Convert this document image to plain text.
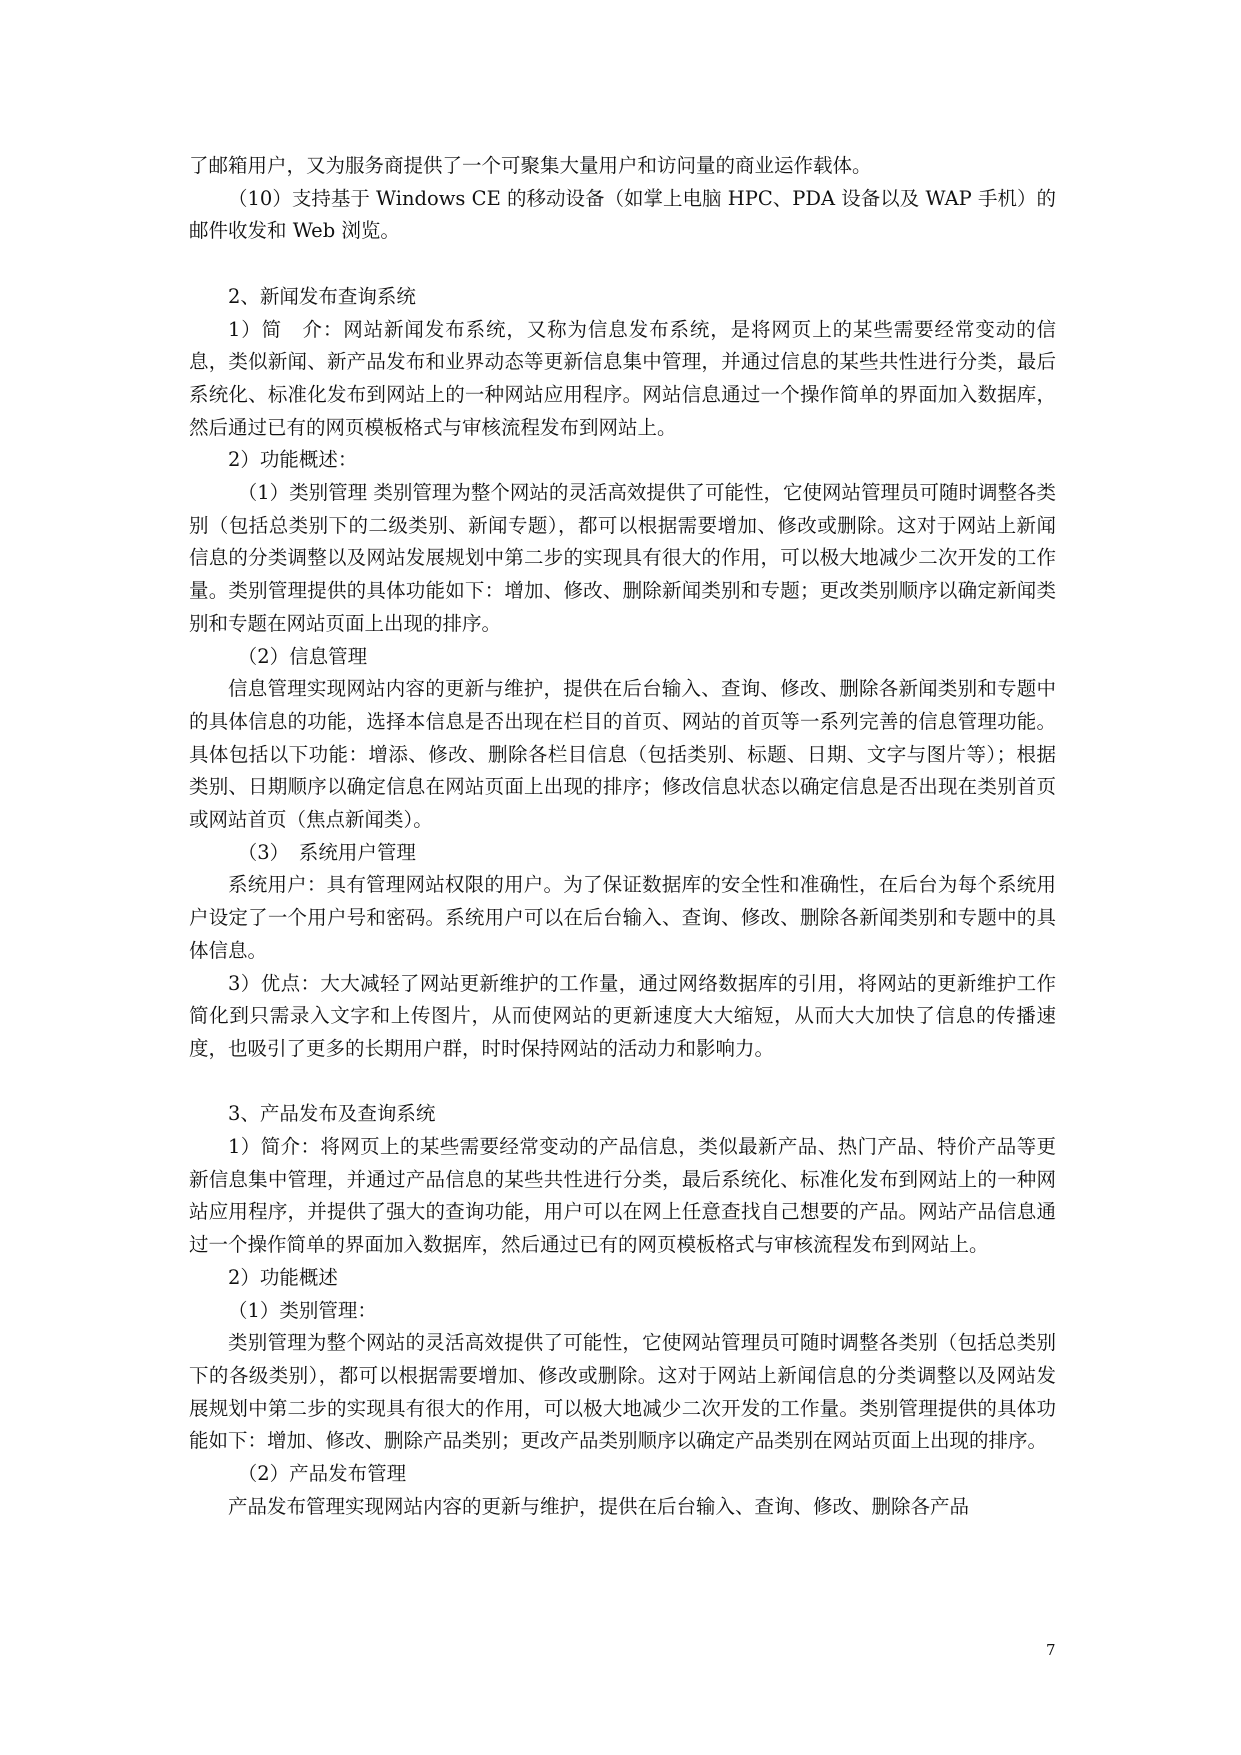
了邮箱用户，又为服务商提供了一个可聚集大量用户和访问量的商业运作载体。

（10）支持基于 Windows CE 的移动设备（如掌上电脑 HPC、PDA 设备以及 WAP 手机）的邮件收发和 Web 浏览。

2、新闻发布查询系统

1）简　介：网站新闻发布系统，又称为信息发布系统，是将网页上的某些需要经常变动的信息，类似新闻、新产品发布和业界动态等更新信息集中管理，并通过信息的某些共性进行分类，最后系统化、标准化发布到网站上的一种网站应用程序。网站信息通过一个操作简单的界面加入数据库，然后通过已有的网页模板格式与审核流程发布到网站上。

2）功能概述：

（1）类别管理 类别管理为整个网站的灵活高效提供了可能性，它使网站管理员可随时调整各类别（包括总类别下的二级类别、新闻专题），都可以根据需要增加、修改或删除。这对于网站上新闻信息的分类调整以及网站发展规划中第二步的实现具有很大的作用，可以极大地减少二次开发的工作量。类别管理提供的具体功能如下：增加、修改、删除新闻类别和专题；更改类别顺序以确定新闻类别和专题在网站页面上出现的排序。

（2）信息管理

信息管理实现网站内容的更新与维护，提供在后台输入、查询、修改、删除各新闻类别和专题中的具体信息的功能，选择本信息是否出现在栏目的首页、网站的首页等一系列完善的信息管理功能。具体包括以下功能：增添、修改、删除各栏目信息（包括类别、标题、日期、文字与图片等）；根据类别、日期顺序以确定信息在网站页面上出现的排序；修改信息状态以确定信息是否出现在类别首页或网站首页（焦点新闻类）。

（3）　系统用户管理

系统用户：具有管理网站权限的用户。为了保证数据库的安全性和准确性，在后台为每个系统用户设定了一个用户号和密码。系统用户可以在后台输入、查询、修改、删除各新闻类别和专题中的具体信息。

3）优点：大大减轻了网站更新维护的工作量，通过网络数据库的引用，将网站的更新维护工作简化到只需录入文字和上传图片，从而使网站的更新速度大大缩短，从而大大加快了信息的传播速度，也吸引了更多的长期用户群，时时保持网站的活动力和影响力。

3、产品发布及查询系统

1）简介：将网页上的某些需要经常变动的产品信息，类似最新产品、热门产品、特价产品等更新信息集中管理，并通过产品信息的某些共性进行分类，最后系统化、标准化发布到网站上的一种网站应用程序，并提供了强大的查询功能，用户可以在网上任意查找自己想要的产品。网站产品信息通过一个操作简单的界面加入数据库，然后通过已有的网页模板格式与审核流程发布到网站上。

2）功能概述

（1）类别管理：

类别管理为整个网站的灵活高效提供了可能性，它使网站管理员可随时调整各类别（包括总类别下的各级类别），都可以根据需要增加、修改或删除。这对于网站上新闻信息的分类调整以及网站发展规划中第二步的实现具有很大的作用，可以极大地减少二次开发的工作量。类别管理提供的具体功能如下：增加、修改、删除产品类别；更改产品类别顺序以确定产品类别在网站页面上出现的排序。

（2）产品发布管理

产品发布管理实现网站内容的更新与维护，提供在后台输入、查询、修改、删除各产品

7
